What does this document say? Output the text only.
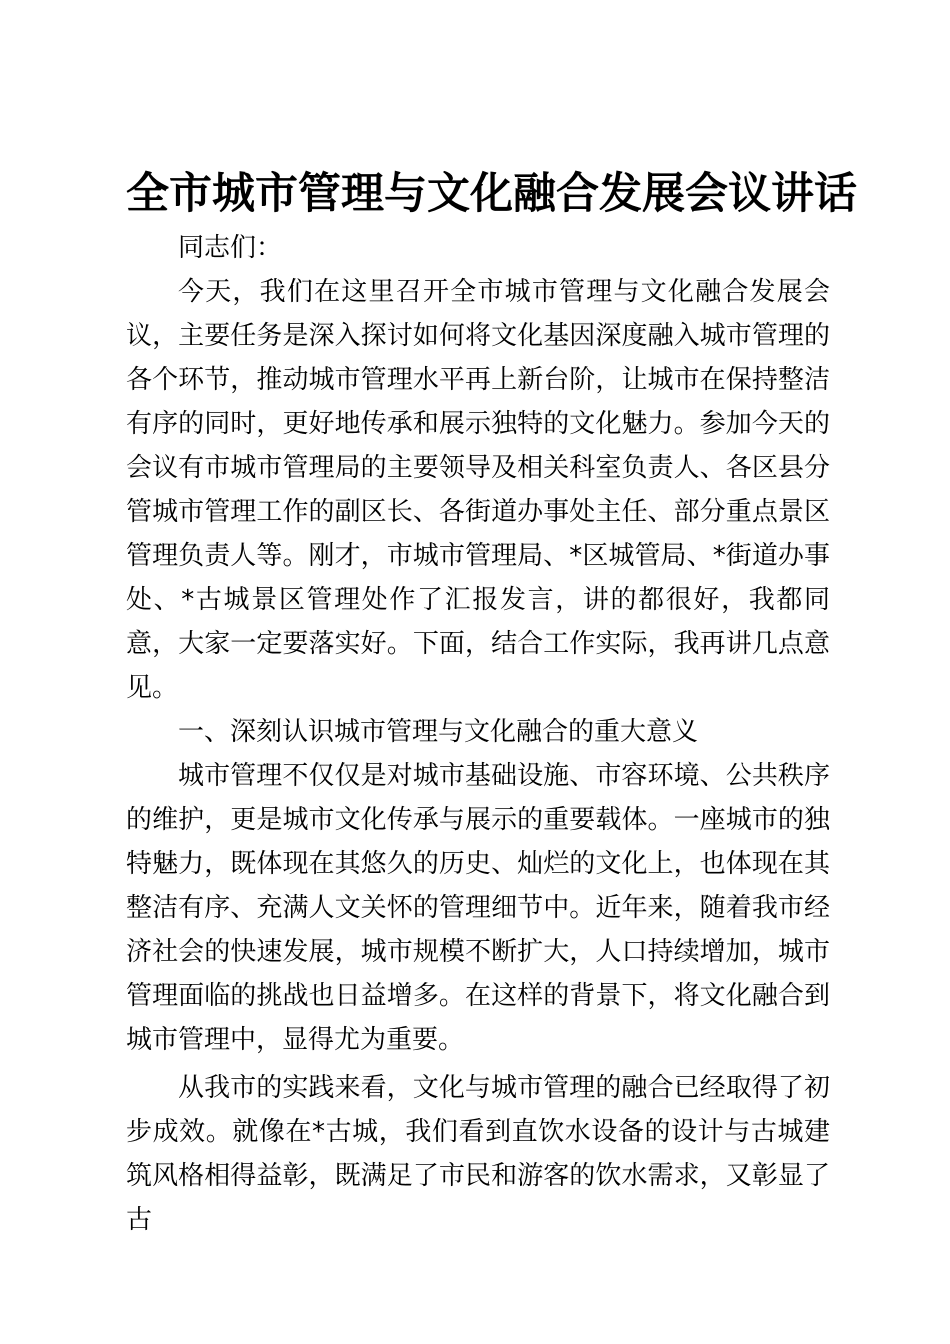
全市城市管理与文化融合发展会议讲话

同志们：

今天，我们在这里召开全市城市管理与文化融合发展会议，主要任务是深入探讨如何将文化基因深度融入城市管理的各个环节，推动城市管理水平再上新台阶，让城市在保持整洁有序的同时，更好地传承和展示独特的文化魅力。参加今天的会议有市城市管理局的主要领导及相关科室负责人、各区县分管城市管理工作的副区长、各街道办事处主任、部分重点景区管理负责人等。刚才，市城市管理局、*区城管局、*街道办事处、*古城景区管理处作了汇报发言，讲的都很好，我都同意，大家一定要落实好。下面，结合工作实际，我再讲几点意见。

一、深刻认识城市管理与文化融合的重大意义

城市管理不仅仅是对城市基础设施、市容环境、公共秩序的维护，更是城市文化传承与展示的重要载体。一座城市的独特魅力，既体现在其悠久的历史、灿烂的文化上，也体现在其整洁有序、充满人文关怀的管理细节中。近年来，随着我市经济社会的快速发展，城市规模不断扩大，人口持续增加，城市管理面临的挑战也日益增多。在这样的背景下，将文化融合到城市管理中，显得尤为重要。

从我市的实践来看，文化与城市管理的融合已经取得了初步成效。就像在*古城，我们看到直饮水设备的设计与古城建筑风格相得益彰，既满足了市民和游客的饮水需求，又彰显了古
